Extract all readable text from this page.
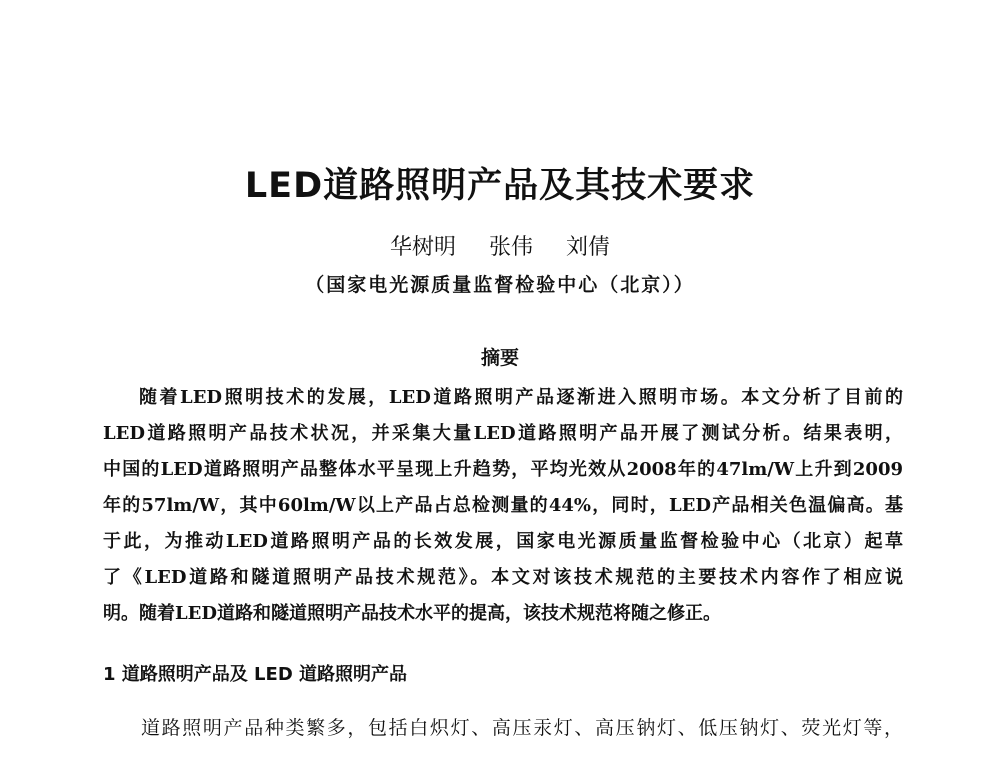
LED道路照明产品及其技术要求
华树明 张伟 刘倩
（国家电光源质量监督检验中心（北京））
摘要
随着LED照明技术的发展，LED道路照明产品逐渐进入照明市场。本文分析了目前的
LED道路照明产品技术状况，并采集大量LED道路照明产品开展了测试分析。结果表明，
中国的LED道路照明产品整体水平呈现上升趋势，平均光效从2008年的47lm/W上升到2009
年的57lm/W，其中60lm/W以上产品占总检测量的44%，同时，LED产品相关色温偏高。基
于此，为推动LED道路照明产品的长效发展，国家电光源质量监督检验中心（北京）起草
了《LED道路和隧道照明产品技术规范》。本文对该技术规范的主要技术内容作了相应说
明。随着LED道路和隧道照明产品技术水平的提高，该技术规范将随之修正。
1 道路照明产品及 LED 道路照明产品
道路照明产品种类繁多，包括白炽灯、高压汞灯、高压钠灯、低压钠灯、荧光灯等，
